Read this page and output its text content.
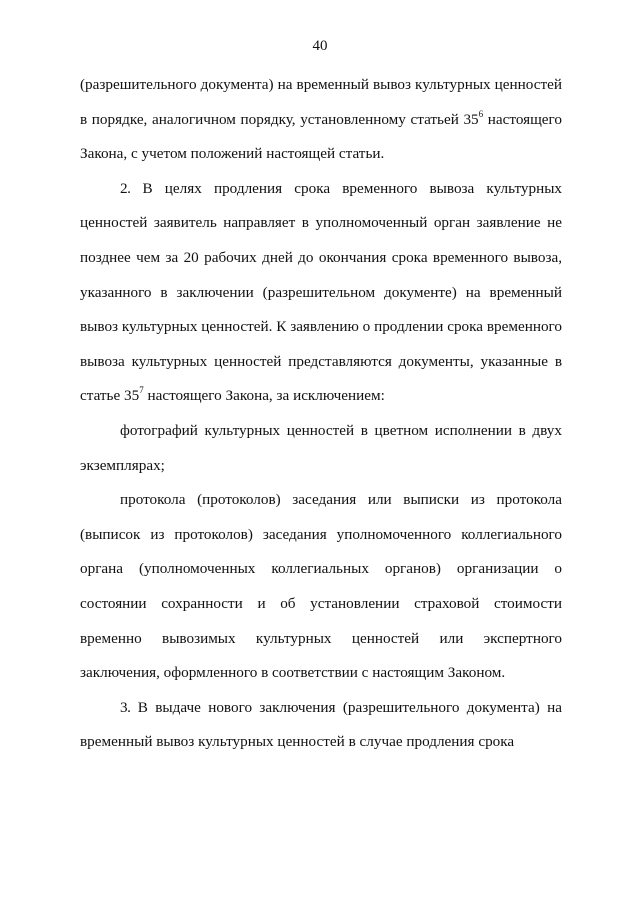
40

(разрешительного документа) на временный вывоз культурных ценностей в порядке, аналогичном порядку, установленному статьей $35^6$ настоящего Закона, с учетом положений настоящей статьи.

2. В целях продления срока временного вывоза культурных ценностей заявитель направляет в уполномоченный орган заявление не позднее чем за 20 рабочих дней до окончания срока временного вывоза, указанного в заключении (разрешительном документе) на временный вывоз культурных ценностей. К заявлению о продлении срока временного вывоза культурных ценностей представляются документы, указанные в статье $35^7$ настоящего Закона, за исключением:

фотографий культурных ценностей в цветном исполнении в двух экземплярах;

протокола (протоколов) заседания или выписки из протокола (выписок из протоколов) заседания уполномоченного коллегиального органа (уполномоченных коллегиальных органов) организации о состоянии сохранности и об установлении страховой стоимости временно вывозимых культурных ценностей или экспертного заключения, оформленного в соответствии с настоящим Законом.

3. В выдаче нового заключения (разрешительного документа) на временный вывоз культурных ценностей в случае продления срока
